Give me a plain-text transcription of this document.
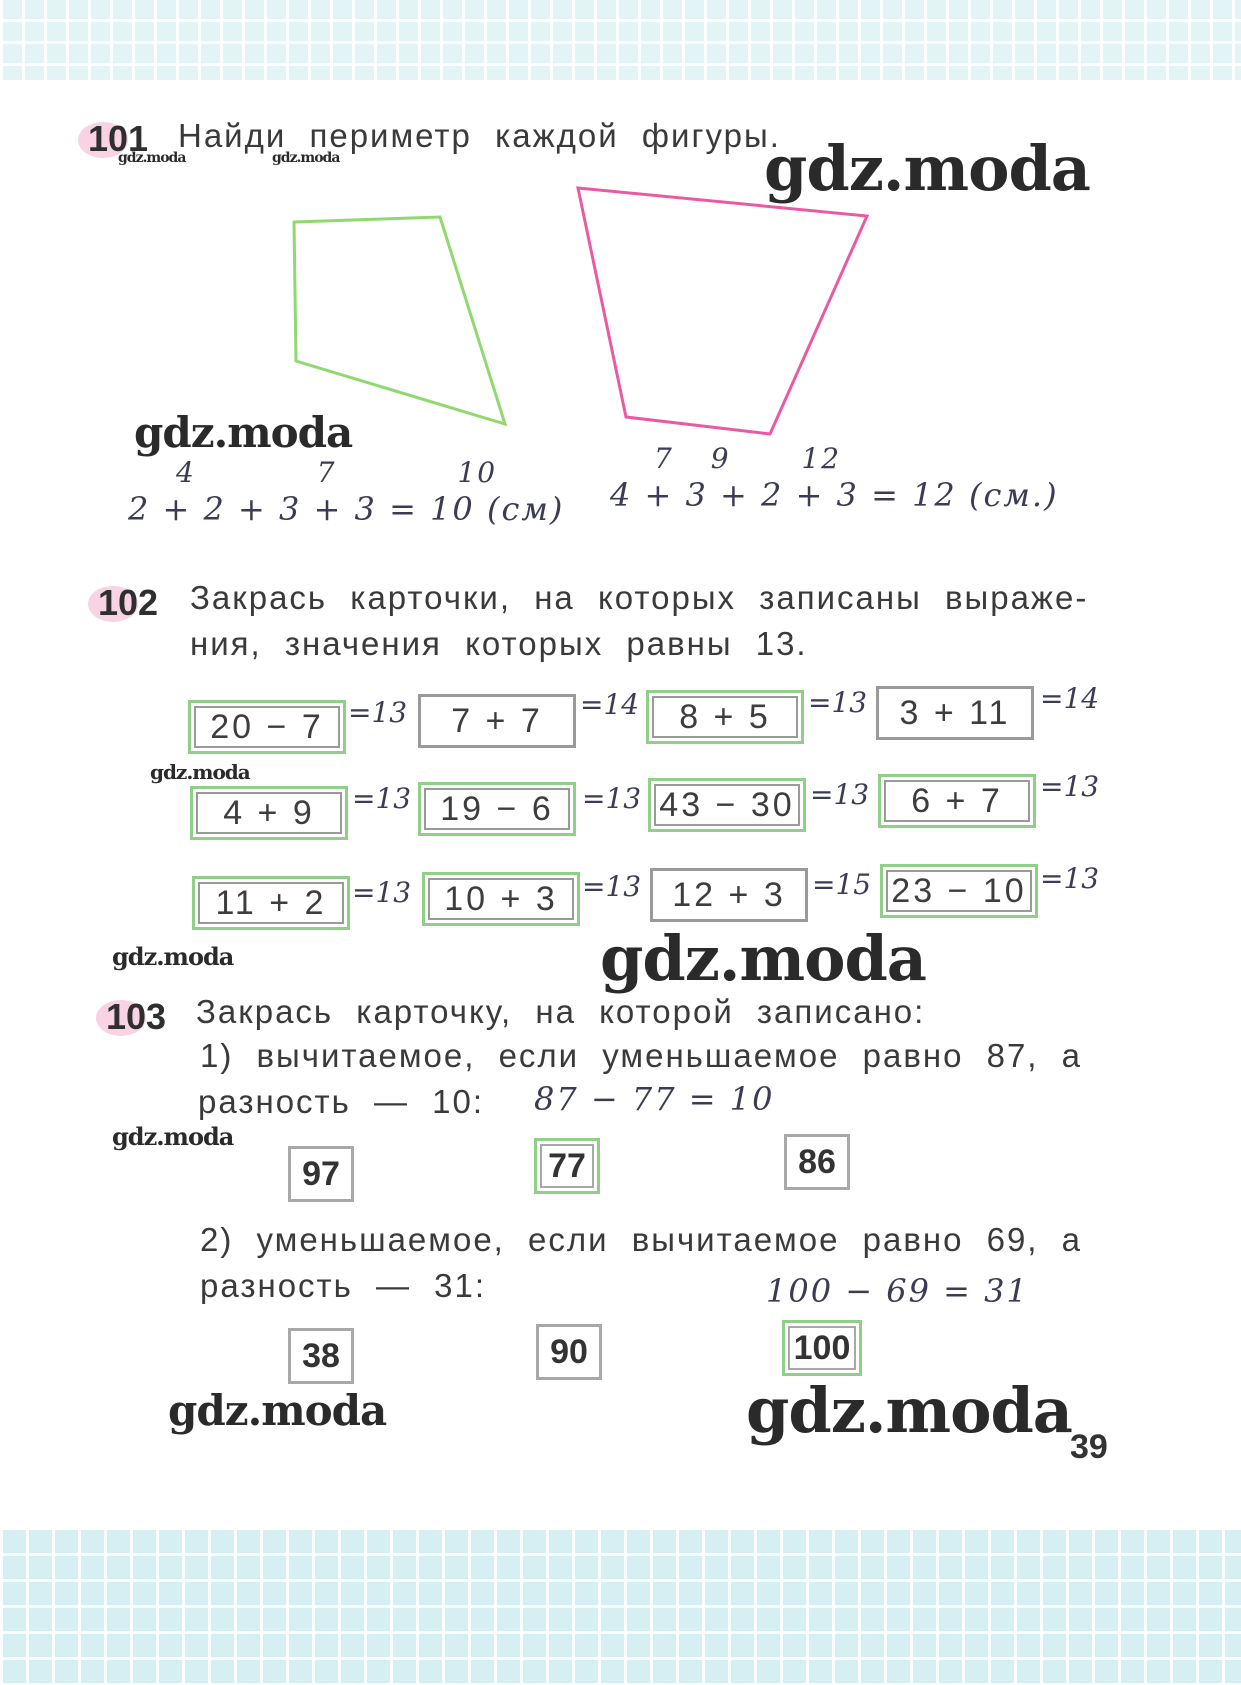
101 Найди периметр каждой фигуры.
4	7	10
2 + 2 + 3 + 3 = 10 (см)
7 9	12
4 + 3 + 2 + 3 = 12 (см.)
102 Закрась карточки, на которых записаны выраже-
ния, значения которых равны 13.
20 − 7 =13 7 + 7 =14 8 + 5 =13 3 + 11 =14
4 + 9 =13 19 − 6 =13 43 − 30 =13 6 + 7 =13
11 + 2 =13 10 + 3 =13 12 + 3 =15 23 − 10 =13
103 Закрась карточку, на которой записано:
1) вычитаемое, если уменьшаемое равно 87, а
разность — 10: 87 − 77 = 10
97	77	86
2) уменьшаемое, если вычитаемое равно 69, а
разность — 31:	100 − 69 = 31
38	90	100
39
gdz.moda
gdz.moda	gdz.moda
gdz.moda
gdz.moda
gdz.moda	gdz.moda
gdz.moda
gdz.moda	gdz.moda
